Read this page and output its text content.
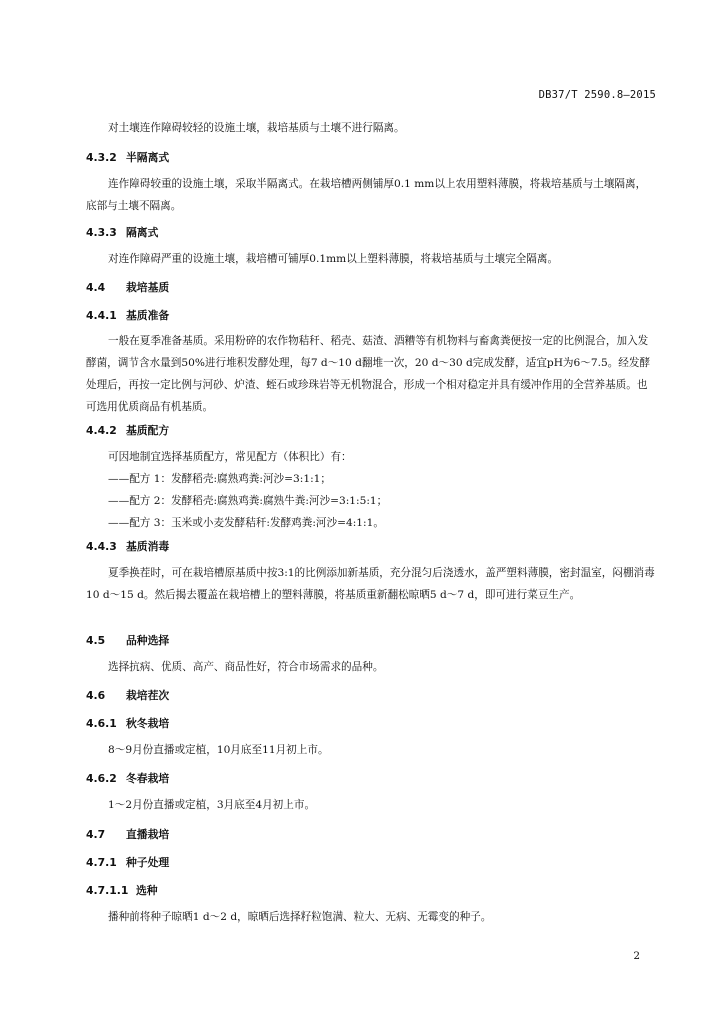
DB37/T 2590.8—2015

对土壤连作障碍较轻的设施土壤，栽培基质与土壤不进行隔离。

4.3.2 半隔离式

连作障碍较重的设施土壤，采取半隔离式。在栽培槽两侧铺厚0.1 mm以上农用塑料薄膜，将栽培基质与土壤隔离，底部与土壤不隔离。

4.3.3 隔离式

对连作障碍严重的设施土壤，栽培槽可铺厚0.1mm以上塑料薄膜，将栽培基质与土壤完全隔离。

4.4 栽培基质

4.4.1 基质准备

一般在夏季准备基质。采用粉碎的农作物秸秆、稻壳、菇渣、酒糟等有机物料与畜禽粪便按一定的比例混合，加入发酵菌，调节含水量到50%进行堆积发酵处理，每7 d～10 d翻堆一次，20 d～30 d完成发酵，适宜pH为6～7.5。经发酵处理后，再按一定比例与河砂、炉渣、蛭石或珍珠岩等无机物混合，形成一个相对稳定并具有缓冲作用的全营养基质。也可选用优质商品有机基质。

4.4.2 基质配方

可因地制宜选择基质配方，常见配方（体积比）有：

——配方 1：发酵稻壳:腐熟鸡粪:河沙=3:1:1；
——配方 2：发酵稻壳:腐熟鸡粪:腐熟牛粪:河沙=3:1:5:1；
——配方 3：玉米或小麦发酵秸秆:发酵鸡粪:河沙=4:1:1。

4.4.3 基质消毒

夏季换茬时，可在栽培槽原基质中按3:1的比例添加新基质，充分混匀后浇透水，盖严塑料薄膜，密封温室，闷棚消毒10 d～15 d。然后揭去覆盖在栽培槽上的塑料薄膜，将基质重新翻松晾晒5 d～7 d，即可进行菜豆生产。

4.5 品种选择

选择抗病、优质、高产、商品性好，符合市场需求的品种。

4.6 栽培茬次

4.6.1 秋冬栽培

8～9月份直播或定植，10月底至11月初上市。

4.6.2 冬春栽培

1～2月份直播或定植，3月底至4月初上市。

4.7 直播栽培

4.7.1 种子处理

4.7.1.1 选种

播种前将种子晾晒1 d～2 d，晾晒后选择籽粒饱满、粒大、无病、无霉变的种子。

2
